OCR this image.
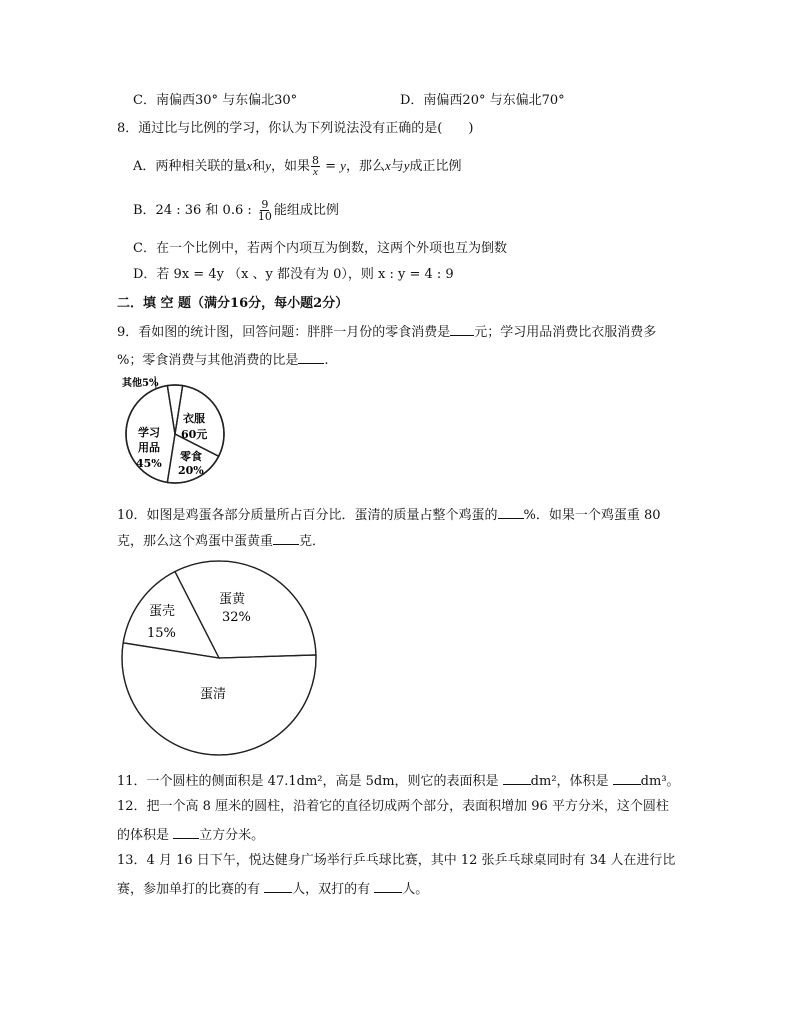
C．南偏西30° 与东偏北30°	D．南偏西20° 与东偏北70°
8．通过比与比例的学习，你认为下列说法没有正确的是(　　)
A．两种相关联的量x和y，如果 $\frac{8}{x} = y$，那么x与y成正比例
B．24 : 36 和 0.6 : $\frac{9}{10}$ 能组成比例
C．在一个比例中，若两个内项互为倒数，这两个外项也互为倒数
D．若 9x = 4y （x 、y 都没有为 0），则 x : y = 4 : 9
二．填 空 题（满分16分，每小题2分）
9．看如图的统计图，回答问题：胖胖一月份的零食消费是 元；学习用品消费比衣服消费多
%；零食消费与其他消费的比是 .
其他5%
衣服
60元
零食
20%
学习
用品
45%
10．如图是鸡蛋各部分质量所占百分比．蛋清的质量占整个鸡蛋的 %．如果一个鸡蛋重 80
克，那么这个鸡蛋中蛋黄重 克．
蛋黄
32%
蛋壳
15%
蛋清
11．一个圆柱的侧面积是 47.1dm²，高是 5dm，则它的表面积是 dm²，体积是 dm³。
12．把一个高 8 厘米的圆柱，沿着它的直径切成两个部分，表面积增加 96 平方分米，这个圆柱
的体积是 立方分米。
13．4 月 16 日下午，悦达健身广场举行乒乓球比赛，其中 12 张乒乓球桌同时有 34 人在进行比
赛，参加单打的比赛的有 人，双打的有 人。
